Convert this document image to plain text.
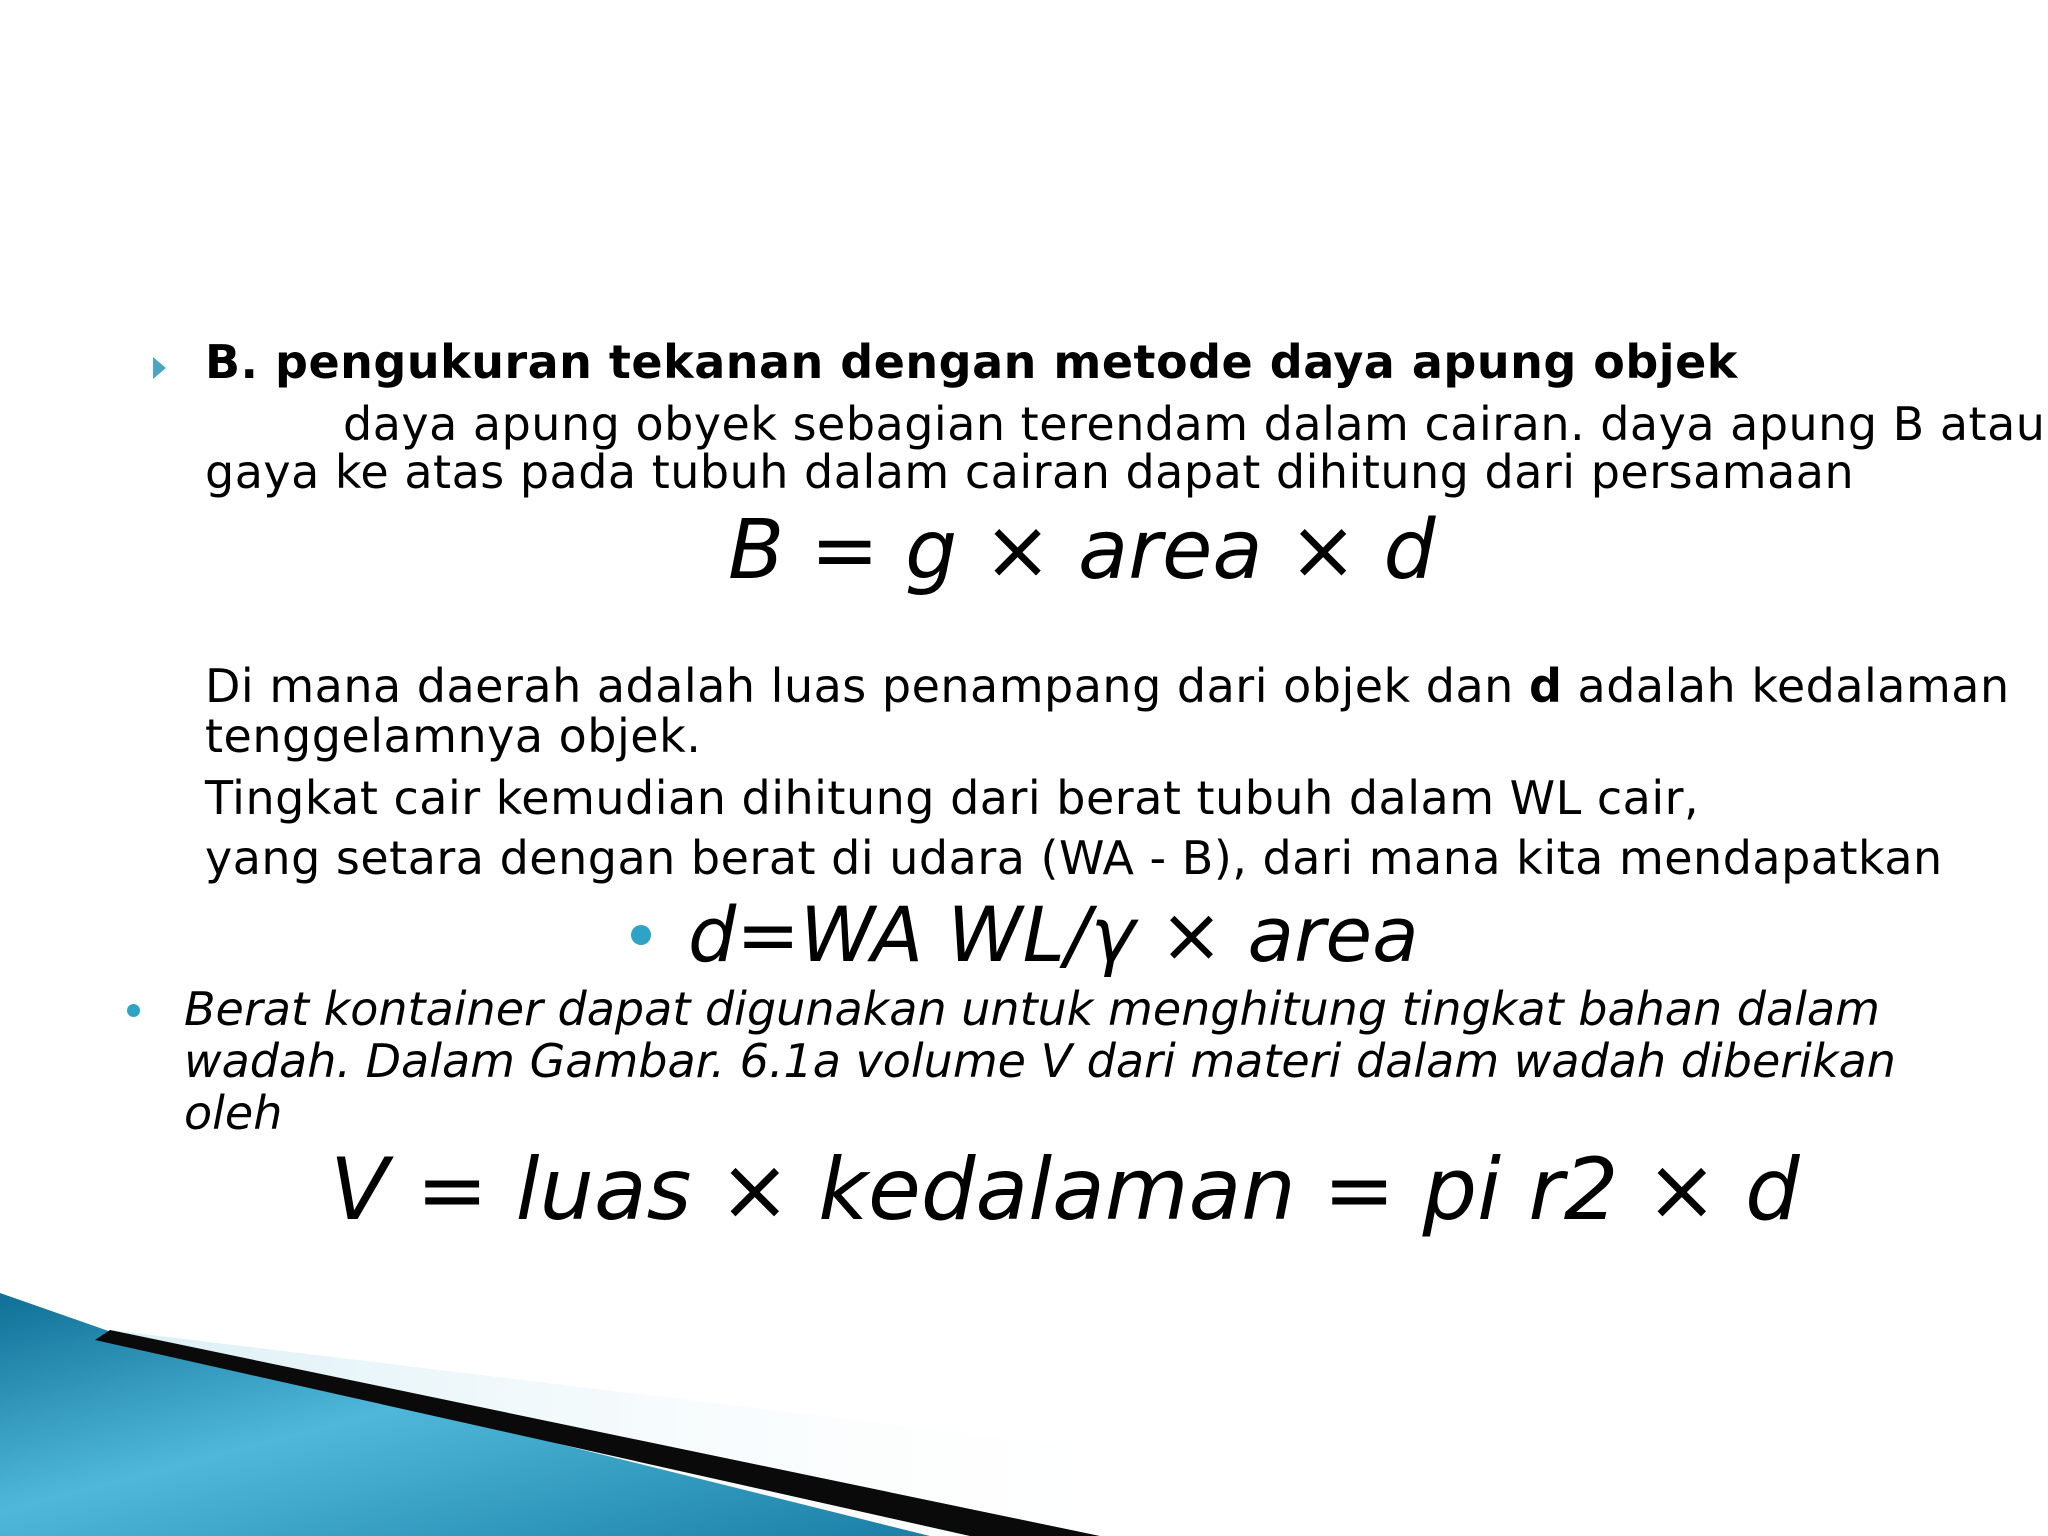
B. pengukuran tekanan dengan metode daya apung objek

daya apung obyek sebagian terendam dalam cairan. daya apung B atau

gaya ke atas pada tubuh dalam cairan dapat dihitung dari persamaan

B = g × area × d

Di mana daerah adalah luas penampang dari objek dan d adalah kedalaman

tenggelamnya objek.

Tingkat cair kemudian dihitung dari berat tubuh dalam WL cair,

yang setara dengan berat di udara (WA - B), dari mana kita mendapatkan

d=WA WL/γ × area

Berat kontainer dapat digunakan untuk menghitung tingkat bahan dalam

wadah. Dalam Gambar. 6.1a volume V dari materi dalam wadah diberikan

oleh

V = luas × kedalaman = pi r2 × d
